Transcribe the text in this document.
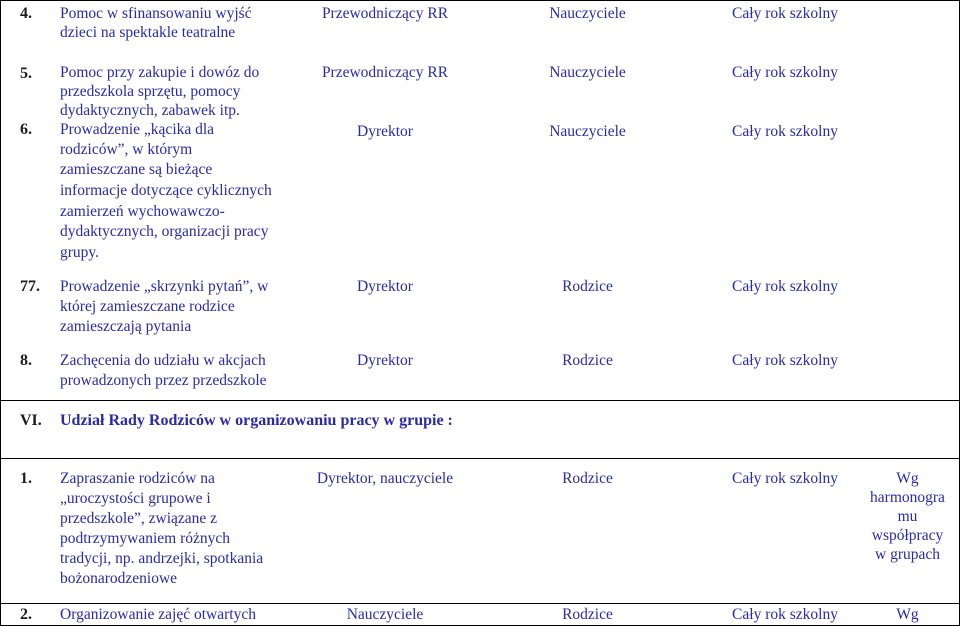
4. Pomoc w sfinansowaniu wyjść
dzieci na spektakle teatralne
Przewodniczący RR	Nauczyciele	Cały rok szkolny
5. Pomoc przy zakupie i dowóz do
przedszkola sprzętu, pomocy
dydaktycznych, zabawek itp.
Przewodniczący RR	Nauczyciele	Cały rok szkolny
6. Prowadzenie „kącika dla
rodziców”, w którym
zamieszczane są bieżące
informacje dotyczące cyklicznych
zamierzeń wychowawczo-
dydaktycznych, organizacji pracy
grupy.
Dyrektor	Nauczyciele	Cały rok szkolny
77. Prowadzenie „skrzynki pytań”, w
której zamieszczane rodzice
zamieszczają pytania
Dyrektor	Rodzice	Cały rok szkolny
8. Zachęcenia do udziału w akcjach
prowadzonych przez przedszkole
Dyrektor	Rodzice	Cały rok szkolny
VI. Udział Rady Rodziców w organizowaniu pracy w grupie :
1. Zapraszanie rodziców na
„uroczystości grupowe i
przedszkole”, związane z
podtrzymywaniem różnych
tradycji, np. andrzejki, spotkania
bożonarodzeniowe
Dyrektor, nauczyciele	Rodzice	Cały rok szkolny	Wg
harmonogra
mu
współpracy
w grupach
2. Organizowanie zajęć otwartych	Nauczyciele	Rodzice	Cały rok szkolny	Wg
